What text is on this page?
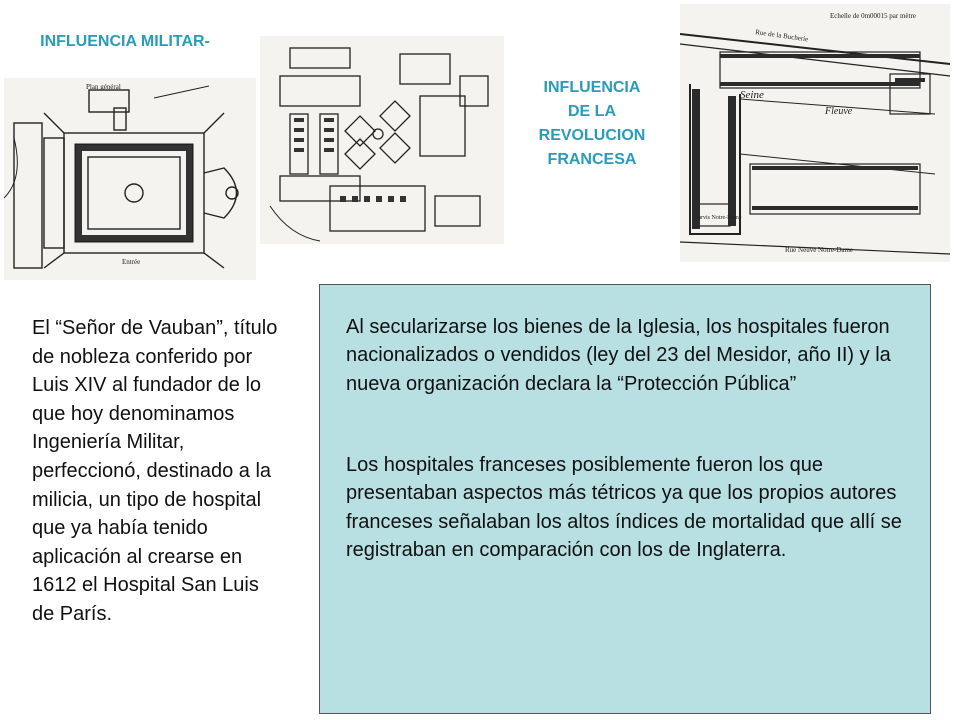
INFLUENCIA MILITAR-
Plan général
Entrée
INFLUENCIA
DE LA
REVOLUCION
FRANCESA
Echelle de 0m00015 par mètre
Rue de la Bucherie
Seine
Fleuve
Parvis Notre-Dame
Rue Neuve Notre-Dame
El “Señor de Vauban”, título de nobleza conferido por Luis XIV al fundador de lo que hoy denominamos Ingeniería Militar, perfeccionó, destinado a la milicia, un tipo de hospital que ya había tenido aplicación al crearse en 1612 el Hospital San Luis de París.

Al secularizarse los bienes de la Iglesia, los hospitales fueron nacionalizados o vendidos (ley del 23 del Mesidor, año II) y la nueva organización declara la “Protección Pública”

Los hospitales franceses posiblemente fueron los que presentaban aspectos más tétricos ya que los propios autores franceses señalaban los altos índices de mortalidad que allí se registraban en comparación con los de Inglaterra.
